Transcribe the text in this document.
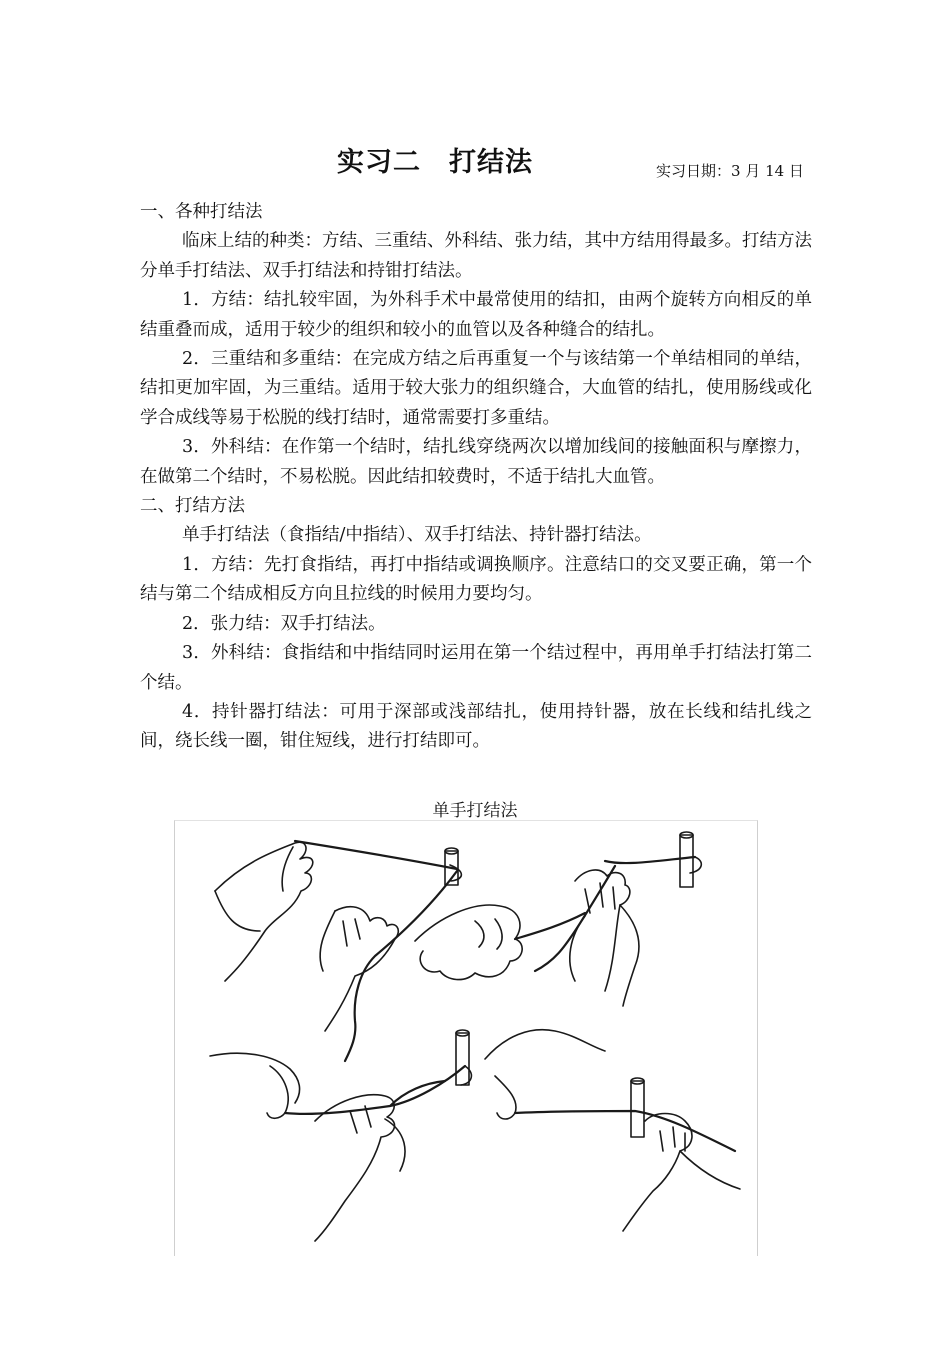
实习二　打结法	实习日期：3 月 14 日

一、各种打结法

临床上结的种类：方结、三重结、外科结、张力结，其中方结用得最多。打结方法分单手打结法、双手打结法和持钳打结法。

1．方结：结扎较牢固，为外科手术中最常使用的结扣，由两个旋转方向相反的单结重叠而成，适用于较少的组织和较小的血管以及各种缝合的结扎。

2．三重结和多重结：在完成方结之后再重复一个与该结第一个单结相同的单结，结扣更加牢固，为三重结。适用于较大张力的组织缝合，大血管的结扎，使用肠线或化学合成线等易于松脱的线打结时，通常需要打多重结。

3．外科结：在作第一个结时，结扎线穿绕两次以增加线间的接触面积与摩擦力，在做第二个结时，不易松脱。因此结扣较费时，不适于结扎大血管。

二、打结方法

单手打结法（食指结/中指结）、双手打结法、持针器打结法。

1．方结：先打食指结，再打中指结或调换顺序。注意结口的交叉要正确，第一个结与第二个结成相反方向且拉线的时候用力要均匀。

2．张力结：双手打结法。

3．外科结：食指结和中指结同时运用在第一个结过程中，再用单手打结法打第二个结。

4．持针器打结法：可用于深部或浅部结扎，使用持针器，放在长线和结扎线之间，绕长线一圈，钳住短线，进行打结即可。

单手打结法
